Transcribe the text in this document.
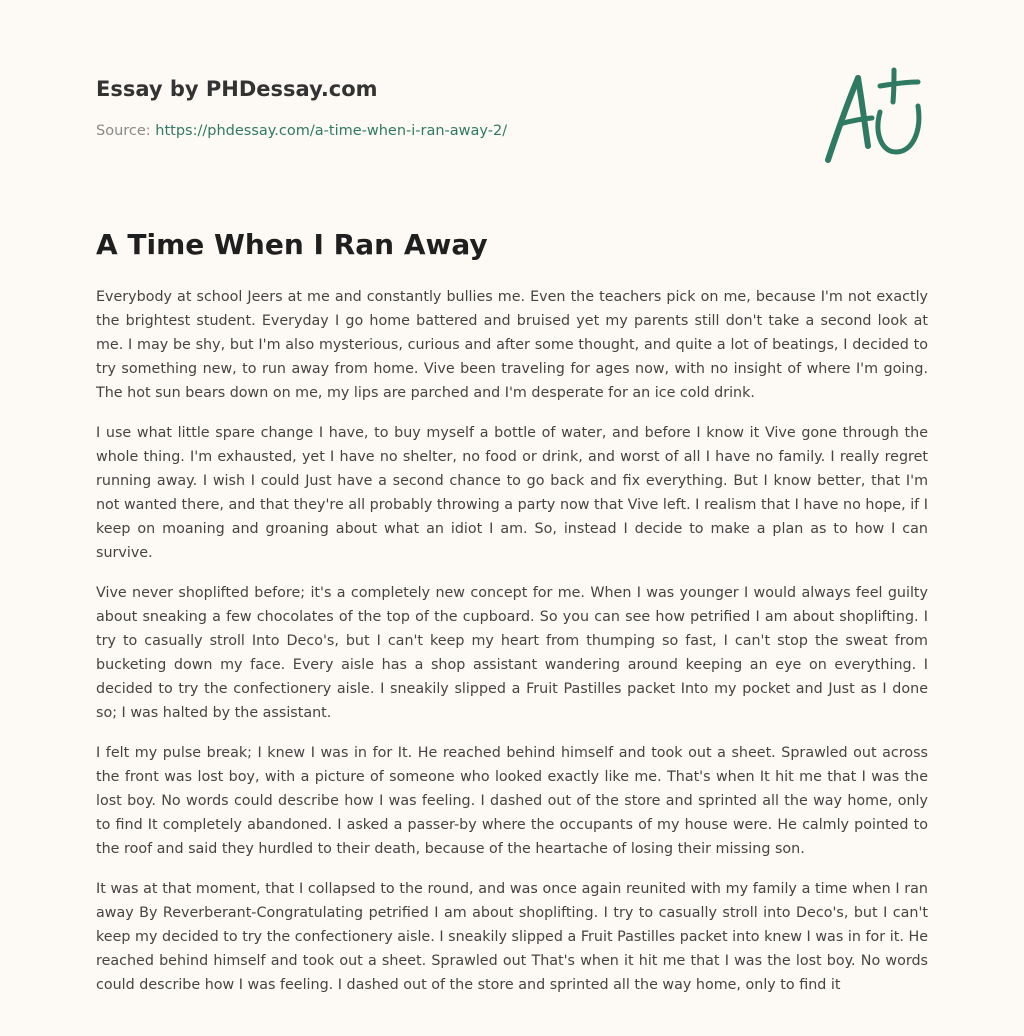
Essay by PHDessay.com
Source: https://phdessay.com/a-time-when-i-ran-away-2/
A Time When I Ran Away

Everybody at school Jeers at me and constantly bullies me. Even the teachers pick on me, because I'm not exactly the brightest student. Everyday I go home battered and bruised yet my parents still don't take a second look at me. I may be shy, but I'm also mysterious, curious and after some thought, and quite a lot of beatings, I decided to try something new, to run away from home. Vive been traveling for ages now, with no insight of where I'm going. The hot sun bears down on me, my lips are parched and I'm desperate for an ice cold drink.

I use what little spare change I have, to buy myself a bottle of water, and before I know it Vive gone through the whole thing. I'm exhausted, yet I have no shelter, no food or drink, and worst of all I have no family. I really regret running away. I wish I could Just have a second chance to go back and fix everything. But I know better, that I'm not wanted there, and that they're all probably throwing a party now that Vive left. I realism that I have no hope, if I keep on moaning and groaning about what an idiot I am. So, instead I decide to make a plan as to how I can survive.

Vive never shoplifted before; it's a completely new concept for me. When I was younger I would always feel guilty about sneaking a few chocolates of the top of the cupboard. So you can see how petrified I am about shoplifting. I try to casually stroll Into Deco's, but I can't keep my heart from thumping so fast, I can't stop the sweat from bucketing down my face. Every aisle has a shop assistant wandering around keeping an eye on everything. I decided to try the confectionery aisle. I sneakily slipped a Fruit Pastilles packet Into my pocket and Just as I done so; I was halted by the assistant.

I felt my pulse break; I knew I was in for It. He reached behind himself and took out a sheet. Sprawled out across the front was lost boy, with a picture of someone who looked exactly like me. That's when It hit me that I was the lost boy. No words could describe how I was feeling. I dashed out of the store and sprinted all the way home, only to find It completely abandoned. I asked a passer-by where the occupants of my house were. He calmly pointed to the roof and said they hurdled to their death, because of the heartache of losing their missing son.

It was at that moment, that I collapsed to the round, and was once again reunited with my family a time when I ran away By Reverberant-Congratulating petrified I am about shoplifting. I try to casually stroll into Deco's, but I can't keep my decided to try the confectionery aisle. I sneakily slipped a Fruit Pastilles packet into knew I was in for it. He reached behind himself and took out a sheet. Sprawled out That's when it hit me that I was the lost boy. No words could describe how I was feeling. I dashed out of the store and sprinted all the way home, only to find it
